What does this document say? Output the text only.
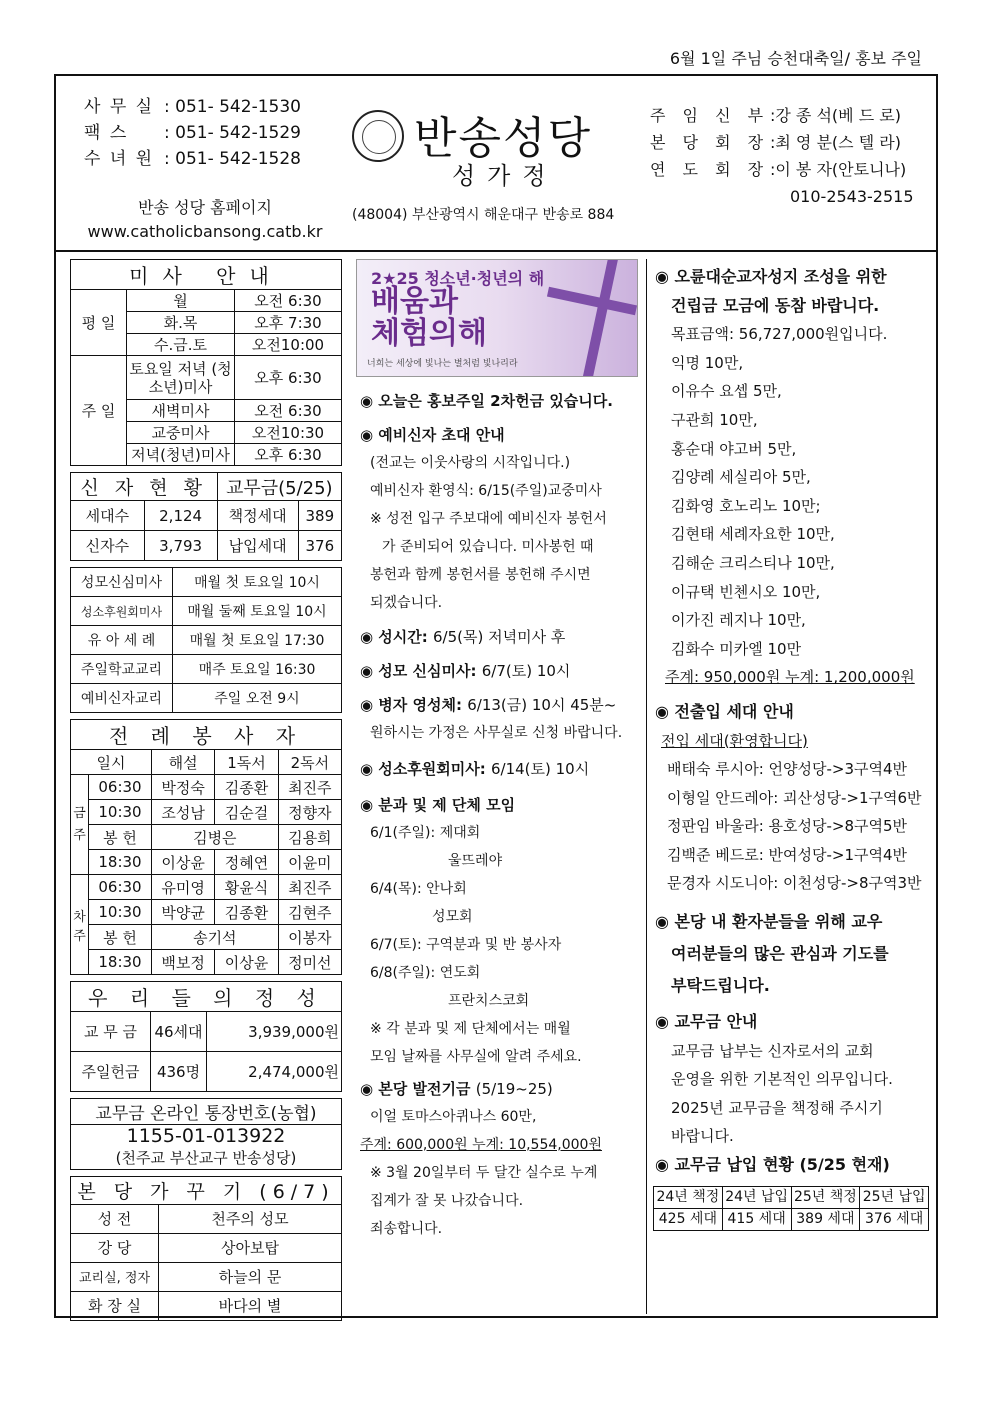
6월 1일 주님 승천대축일/ 홍보 주일
사 무 실 : 051- 542-1530
팩 스 : 051- 542-1529
수 녀 원 : 051- 542-1528
반송 성당 홈페이지
www.catholicbansong.catb.kr
반송성당
성가정
(48004) 부산광역시 해운대구 반송로 884
주 임 신 부:강 종 석(베 드 로)
본 당 회 장:최 영 분(스 텔 라)
연 도 회 장:이 봉 자(안토니나)
010-2543-2515
미사 안내		
평 일	월	오전 6:30
	화.목	오후 7:30
	수.금.토	오전10:00
주 일	토요일 저녁 (청소년)미사	오후 6:30
	새벽미사	오전 6:30
	교중미사	오전10:30
	저녁(청년)미사	오후 6:30
신 자 현 황		교무금(5/25)	
세대수	2,124	책정세대	389
신자수	3,793	납입세대	376
성모신심미사	매월 첫 토요일 10시
성소후원회미사	매월 둘째 토요일 10시
유 아 세 례	매월 첫 토요일 17:30
주일학교교리	매주 토요일 16:30
예비신자교리	주일 오전 9시
전 례 봉 사 자				
일시		해설	1독서	2독서
금주	06:30	박정숙	김종환	최진주
	10:30	조성남	김순걸	정향자
	봉 헌	김병은		김용희
	18:30	이상윤	정혜연	이윤미
차주	06:30	유미영	황윤식	최진주
	10:30	박양균	김종환	김현주
	봉 헌	송기석		이봉자
	18:30	백보정	이상윤	정미선
우 리 들 의 정 성		
교 무 금	46세대	3,939,000원
주일헌금	436명	2,474,000원
교무금 온라인 통장번호(농협)
1155-01-013922
(천주교 부산교구 반송성당)
본 당 가 꾸 기 (6/7)	
성 전	천주의 성모
강 당	상아보탑
교리실, 정자	하늘의 문
화 장 실	바다의 별
2★25 청소년·청년의 해
배움과
체험의해
너희는 세상에 빛나는 별처럼 빛나리라
◉ 오늘은 홍보주일 2차헌금 있습니다.
◉ 예비신자 초대 안내
(전교는 이웃사랑의 시작입니다.)
예비신자 환영식: 6/15(주일)교중미사
※ 성전 입구 주보대에 예비신자 봉헌서
가 준비되어 있습니다. 미사봉헌 때
봉헌과 함께 봉헌서를 봉헌해 주시면
되겠습니다.
◉ 성시간: 6/5(목) 저녁미사 후
◉ 성모 신심미사: 6/7(토) 10시
◉ 병자 영성체: 6/13(금) 10시 45분~
원하시는 가정은 사무실로 신청 바랍니다.
◉ 성소후원회미사: 6/14(토) 10시
◉ 분과 및 제 단체 모임
6/1(주일): 제대회
울뜨레야
6/4(목): 안나회
성모회
6/7(토): 구역분과 및 반 봉사자
6/8(주일): 연도회
프란치스코회
※ 각 분과 및 제 단체에서는 매월
모임 날짜를 사무실에 알려 주세요.
◉ 본당 발전기금 (5/19~25)
이얼 토마스아퀴나스 60만,
주계: 600,000원 누계: 10,554,000원
※ 3월 20일부터 두 달간 실수로 누계
집계가 잘 못 나갔습니다.
죄송합니다.
◉ 오륜대순교자성지 조성을 위한
건립금 모금에 동참 바랍니다.
목표금액: 56,727,000원입니다.
익명 10만,
이유수 요셉 5만,
구관희 10만,
홍순대 야고버 5만,
김양례 세실리아 5만,
김화영 호노리노 10만;
김현태 세례자요한 10만,
김해순 크리스티나 10만,
이규택 빈첸시오 10만,
이가진 레지나 10만,
김화수 미카엘 10만
주계: 950,000원 누계: 1,200,000원
◉ 전출입 세대 안내
전입 세대(환영합니다)
배태숙 루시아: 언양성당->3구역4반
이형일 안드레아: 괴산성당->1구역6반
정판임 바울라: 용호성당->8구역5반
김백준 베드로: 반여성당->1구역4반
문경자 시도니아: 이천성당->8구역3반
◉ 본당 내 환자분들을 위해 교우
여러분들의 많은 관심과 기도를
부탁드립니다.
◉ 교무금 안내
교무금 납부는 신자로서의 교회
운영을 위한 기본적인 의무입니다.
2025년 교무금을 책정해 주시기
바랍니다.
◉ 교무금 납입 현황 (5/25 현재)
24년 책정	24년 납입	25년 책정	25년 납입
425 세대	415 세대	389 세대	376 세대
